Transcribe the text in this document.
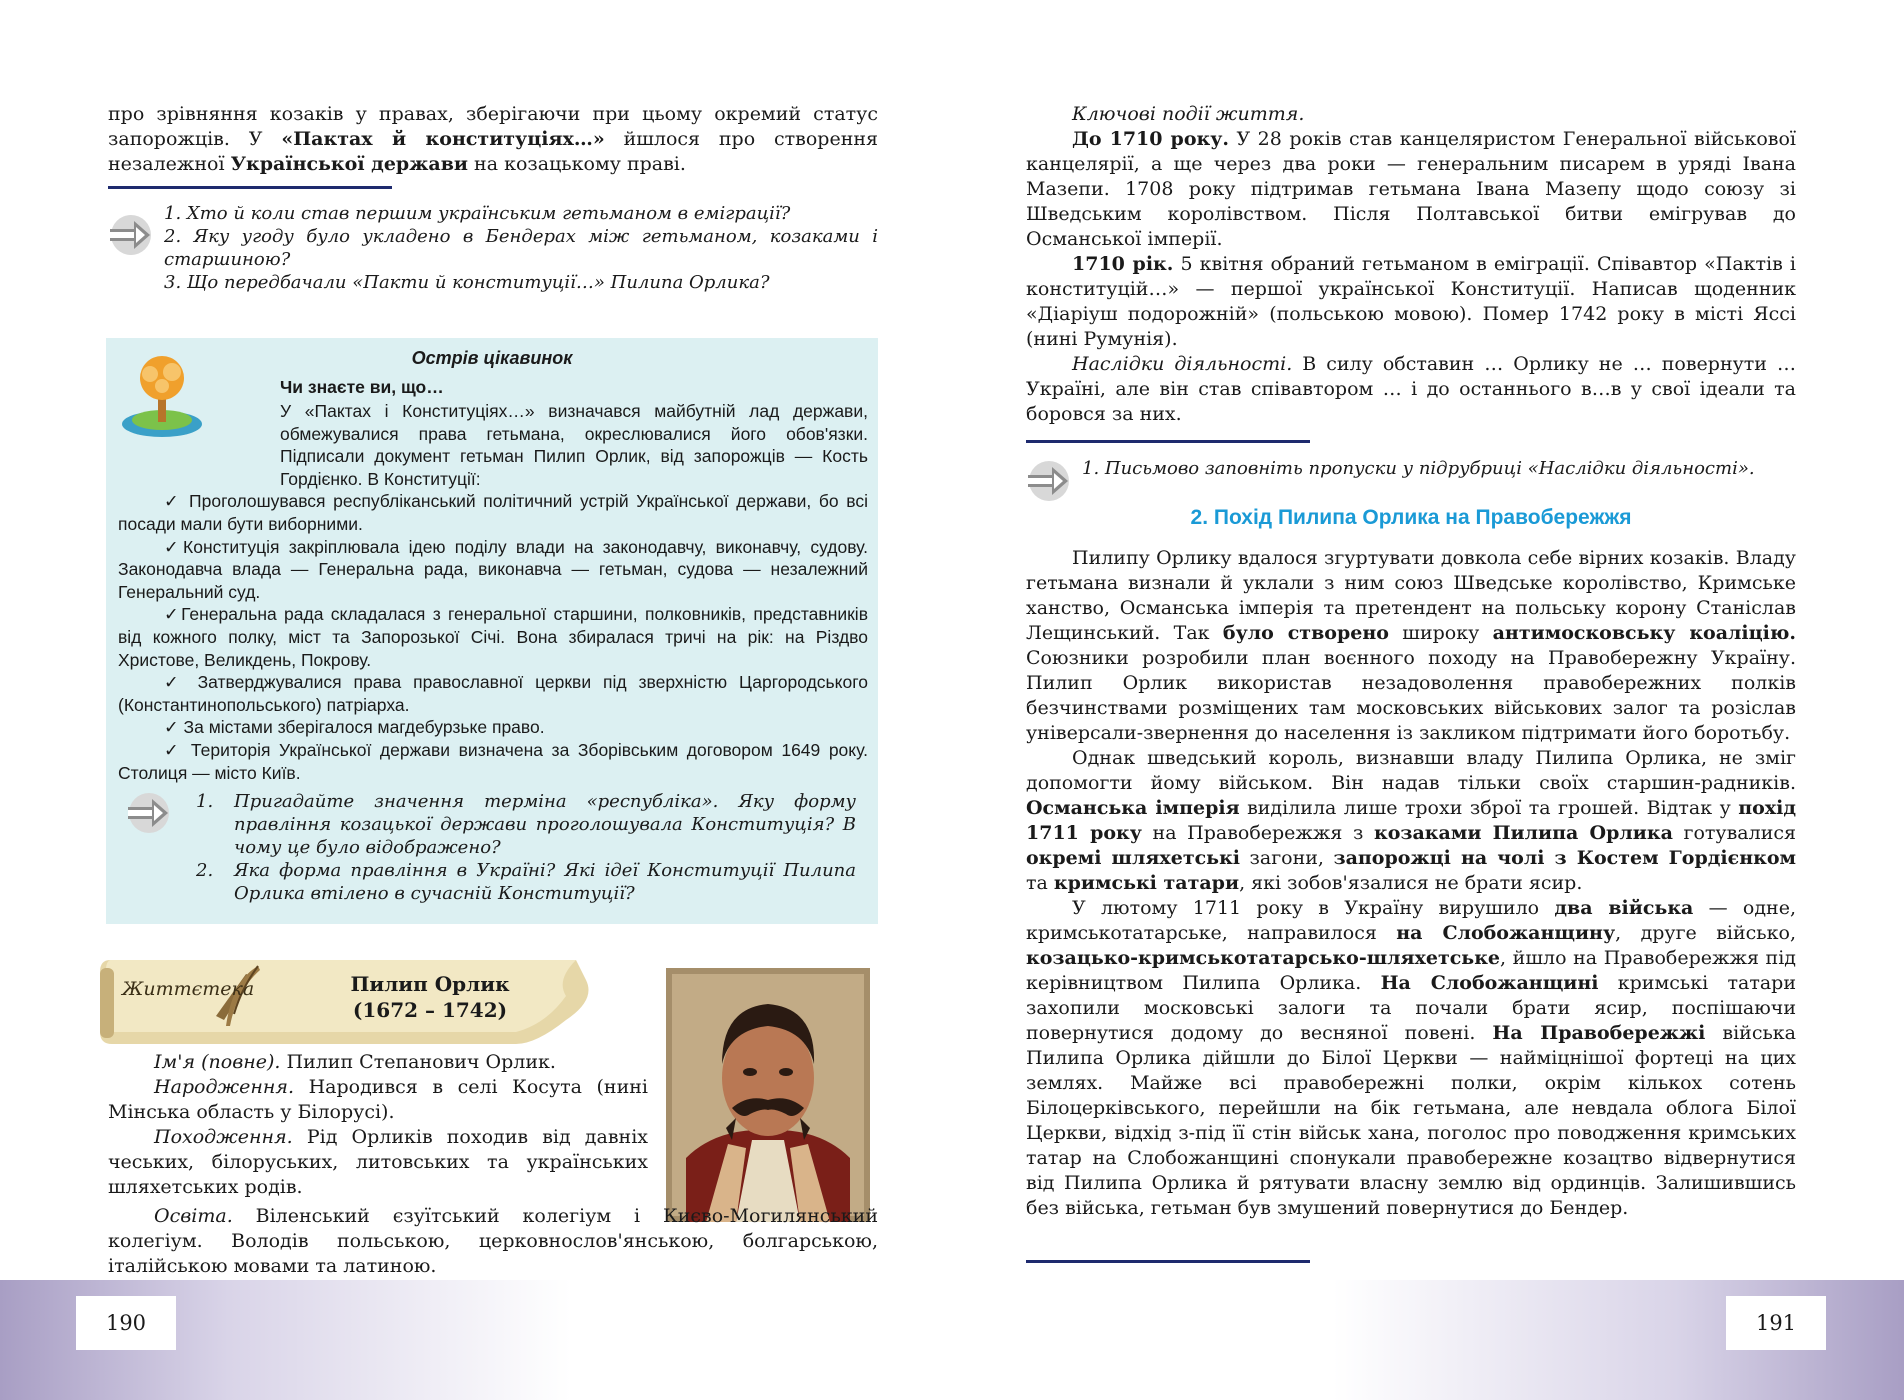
190	191

про зрівняння козаків у правах, зберігаючи при цьому окремий статус запорожців. У «Пактах й конституціях…» йшлося про створення незалежної Української держави на козацькому праві.

1. Хто й коли став першим українським гетьманом в еміграції?
2. Яку угоду було укладено в Бендерах між гетьманом, козаками і старшиною?
3. Що передбачали «Пакти й конституції…» Пилипа Орлика?
Острів цікавинок
Чи знаєте ви, що…

У «Пактах і Конституціях…» визначався майбутній лад держави, обмежувалися права гетьмана, окреслювалися його обов'язки. Підписали документ гетьман Пилип Орлик, від запорожців — Кость Гордієнко. В Конституції:

✓ Проголошувався республіканський політичний устрій Української держави, бо всі посади мали бути виборними.

✓Конституція закріплювала ідею поділу влади на законодавчу, виконавчу, судову. Законодавча влада — Генеральна рада, виконавча — гетьман, судова — незалежний Генеральний суд.

✓Генеральна рада складалася з генеральної старшини, полковників, представників від кожного полку, міст та Запорозької Січі. Вона збиралася тричі на рік: на Різдво Христове, Великдень, Покрову.

✓ Затверджувалися права православної церкви під зверхністю Царгородського (Константинопольського) патріарха.

✓ За містами зберігалося магдебурзьке право.

✓ Територія Української держави визначена за Зборівським договором 1649 року. Столиця — місто Київ.

1.	Пригадайте значення терміна «республіка». Яку форму правління козацької держави проголошувала Конституція? В чому це було відображено?
2.	Яка форма правління в Україні? Які ідеї Конституції Пилипа Орлика втілено в сучасній Конституції?
Життєтека	Пилип Орлик
(1672 – 1742)

Ім'я (повне). Пилип Степанович Орлик.

Народження. Народився в селі Косута (нині Мінська область у Білорусі).

Походження. Рід Орликів походив від давніх чеських, білоруських, литовських та українських шляхетських родів.

Освіта. Віленський єзуїтський колегіум і Києво-Могилянський колегіум. Володів польською, церковнослов'янською, болгарською, італійською мовами та латиною.

Ключові події життя.

До 1710 року. У 28 років став канцеляристом Генеральної військової канцелярії, а ще через два роки — генеральним писарем в уряді Івана Мазепи. 1708 року підтримав гетьмана Івана Мазепу щодо союзу зі Шведським королівством. Після Полтавської битви емігрував до Османської імперії.

1710 рік. 5 квітня обраний гетьманом в еміграції. Співавтор «Пактів і конституцій…» — першої української Конституції. Написав щоденник «Діаріуш подорожній» (польською мовою). Помер 1742 року в місті Яссі (нині Румунія).

Наслідки діяльності. В силу обставин … Орлику не … повернути … Україні, але він став співавтором … і до останнього в…в у свої ідеали та боровся за них.

1. Письмово заповніть пропуски у підрубриці «Наслідки діяльності».
2. Похід Пилипа Орлика на Правобережжя

Пилипу Орлику вдалося згуртувати довкола себе вірних козаків. Владу гетьмана визнали й уклали з ним союз Шведське королівство, Кримське ханство, Османська імперія та претендент на польську корону Станіслав Лещинський. Так було створено широку антимосковську коаліцію. Союзники розробили план воєнного походу на Правобережну Україну. Пилип Орлик використав незадоволення правобережних полків безчинствами розміщених там московських військових залог та розіслав універсали-звернення до населення із закликом підтримати його боротьбу.

Однак шведський король, визнавши владу Пилипа Орлика, не зміг допомогти йому військом. Він надав тільки своїх старшин-радників. Османська імперія виділила лише трохи зброї та грошей. Відтак у похід 1711 року на Правобережжя з козаками Пилипа Орлика готувалися окремі шляхетські загони, запорожці на чолі з Костем Гордієнком та кримські татари, які зобов'язалися не брати ясир.

У лютому 1711 року в Україну вирушило два війська — одне, кримськотатарське, направилося на Слобожанщину, друге військо, козацько-кримськотатарсько-шляхетське, йшло на Правобережжя під керівництвом Пилипа Орлика. На Слобожанщині кримські татари захопили московські залоги та почали брати ясир, поспішаючи повернутися додому до весняної повені. На Правобережжі війська Пилипа Орлика дійшли до Білої Церкви — наймiцнішої фортеці на цих землях. Майже всі правобережні полки, окрім кількох сотень Білоцерківського, перейшли на бік гетьмана, але невдала облога Білої Церкви, відхід з-під її стін військ хана, поголос про поводження кримських татар на Слобожанщині спонукали правобережне козацтво відвернутися від Пилипа Орлика й рятувати власну землю від ординців. Залишившись без війська, гетьман був змушений повернутися до Бендер.
